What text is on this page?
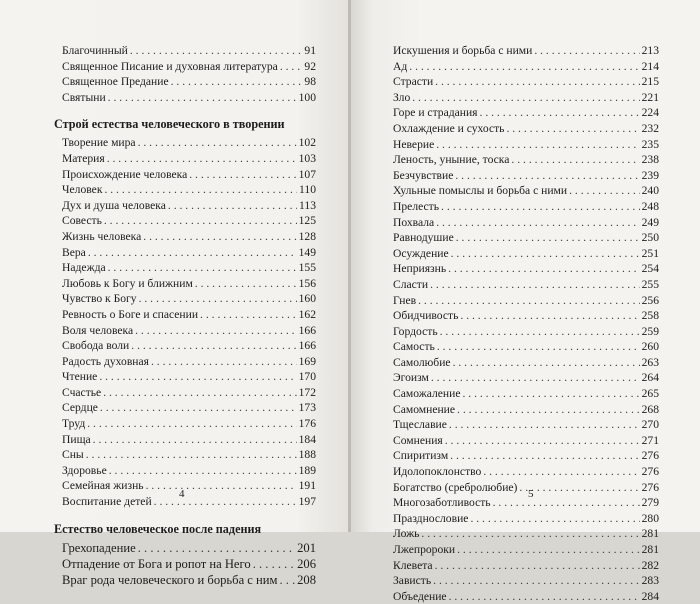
Благочинный . . .	91
Священное Писание и духовная литература . . . 92
Священное Предание . . .	98
Святыни . . .	100
Строй естества человеческого в творении
Творение мира . . .	102
Материя . . .	103
Происхождение человека . . .	107
Человек . . .	110
Дух и душа человека . . .	113
Совесть . . .	125
Жизнь человека . . .	128
Вера . . .	149
Надежда . . .	155
Любовь к Богу и ближним . . .	156
Чувство к Богу . . .	160
Ревность о Боге и спасении . . .	162
Воля человека . . .	166
Свобода воли . . .	166
Радость духовная . . .	169
Чтение . . .	170
Счастье . . .	172
Сердце . . .	173
Труд . . .	176
Пища . . .	184
Сны . . .	188
Здоровье . . .	189
Семейная жизнь . . .	191
Воспитание детей . . .	197
Естество человеческое после падения
Грехопадение . . .	201
Отпадение от Бога и ропот на Него . . .	206
Враг рода человеческого и борьба с ним . . . 208
4
Искушения и борьба с ними . . .	213
Ад . . .	214
Страсти . . .	215
Зло . . .	221
Горе и страдания . . .	224
Охлаждение и сухость . . .	232
Неверие . . .	235
Леность, уныние, тоска . . .	238
Безчувствие . . .	239
Хульные помыслы и борьба с ними . . .	240
Прелесть . . .	248
Похвала . . .	249
Равнодушие . . .	250
Осуждение . . .	251
Неприязнь . . .	254
Сласти . . .	255
Гнев . . .	256
Обидчивость . . .	258
Гордость . . .	259
Самость . . .	260
Самолюбие . . .	263
Эгоизм . . .	264
Саможаление . . .	265
Самомнение . . .	268
Тщеславие . . .	270
Сомнения . . .	271
Спиритизм . . .	276
Идолопоклонство . . .	276
Богатство (сребролюбие) . . .	276
Многозаботливость . . .	279
Празднословие . . .	280
Ложь . . .	281
Лжепророки . . .	281
Клевета . . .	282
Зависть . . .	283
Объедение . . .	284
5
